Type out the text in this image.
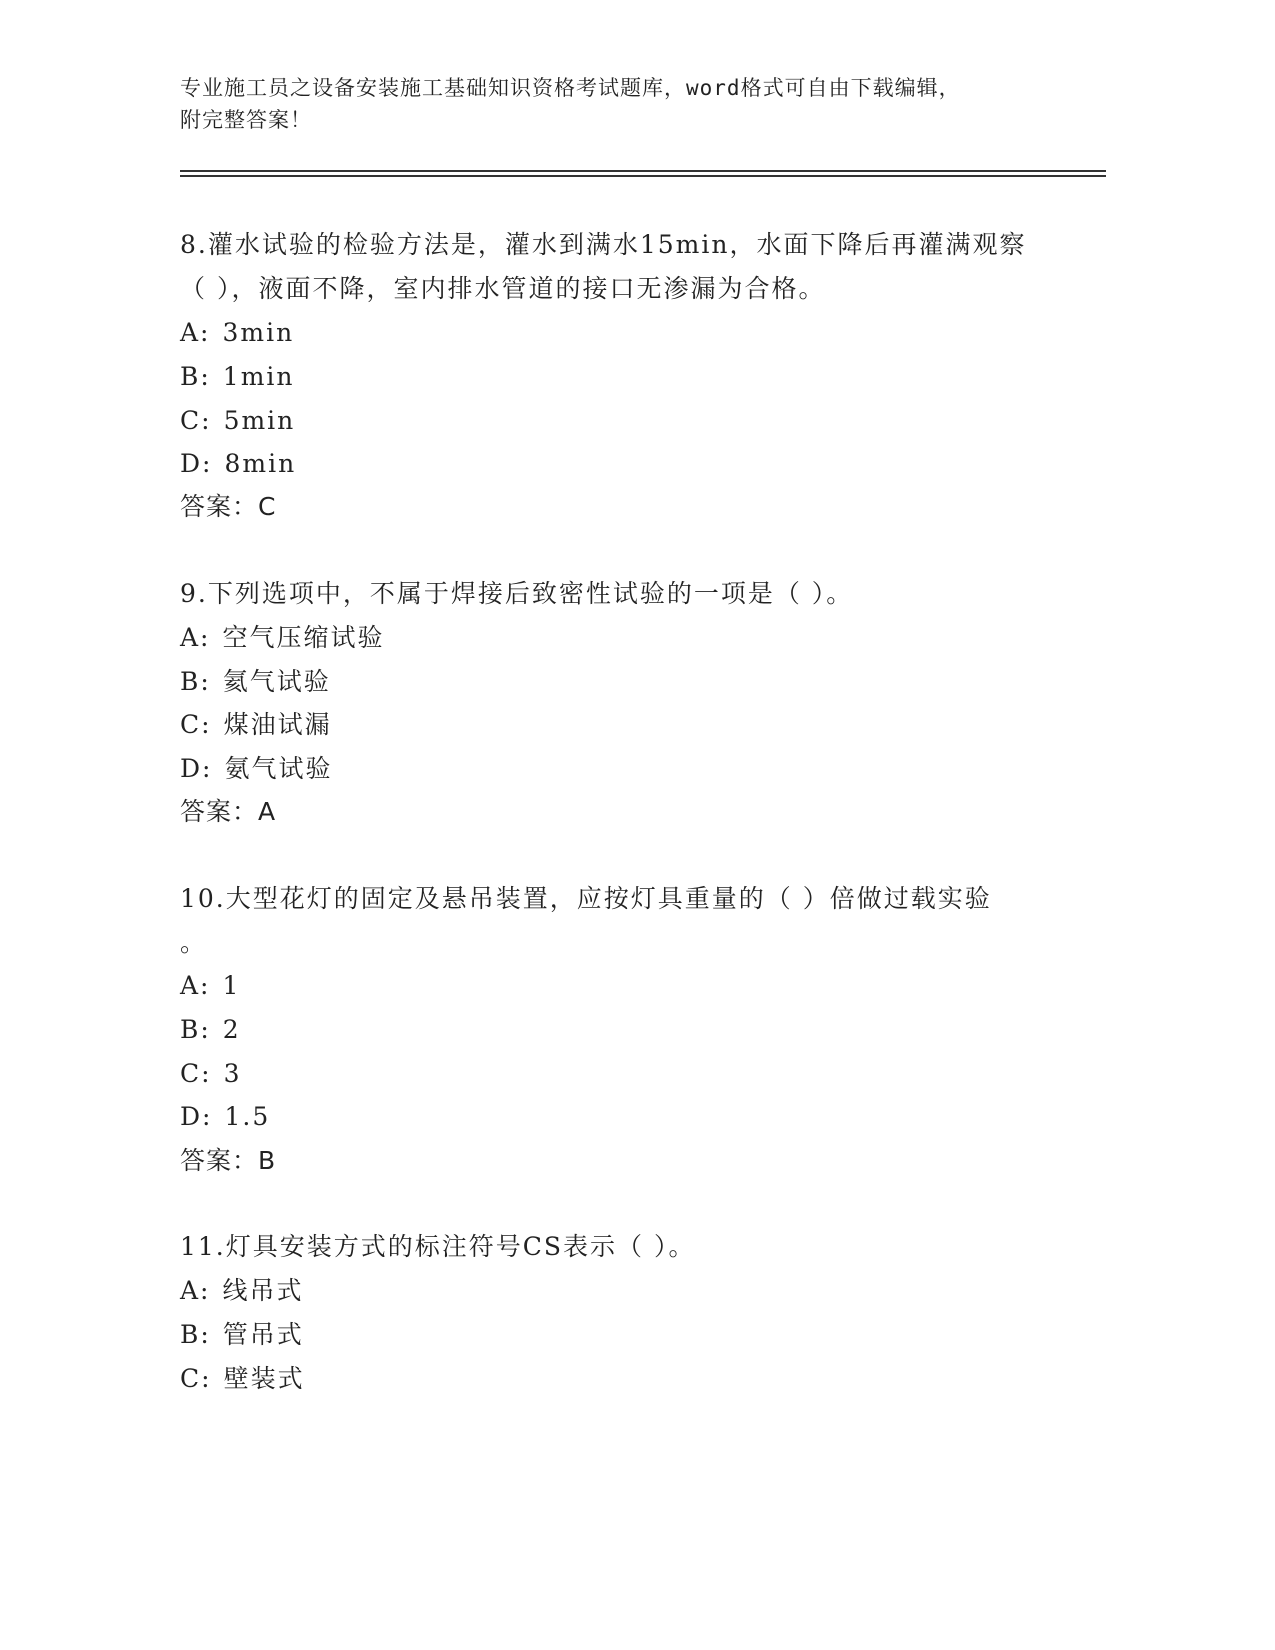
专业施工员之设备安装施工基础知识资格考试题库，word格式可自由下载编辑，
附完整答案！
8.灌水试验的检验方法是，灌水到满水15min，水面下降后再灌满观察
（ ），液面不降，室内排水管道的接口无渗漏为合格。
A: 3min
B: 1min
C: 5min
D: 8min
答案：C
9.下列选项中，不属于焊接后致密性试验的一项是（ ）。
A: 空气压缩试验
B: 氦气试验
C: 煤油试漏
D: 氨气试验
答案：A
10.大型花灯的固定及悬吊装置，应按灯具重量的（ ）倍做过载实验
。
A: 1
B: 2
C: 3
D: 1.5
答案：B
11.灯具安装方式的标注符号CS表示（ ）。
A: 线吊式
B: 管吊式
C: 壁装式
